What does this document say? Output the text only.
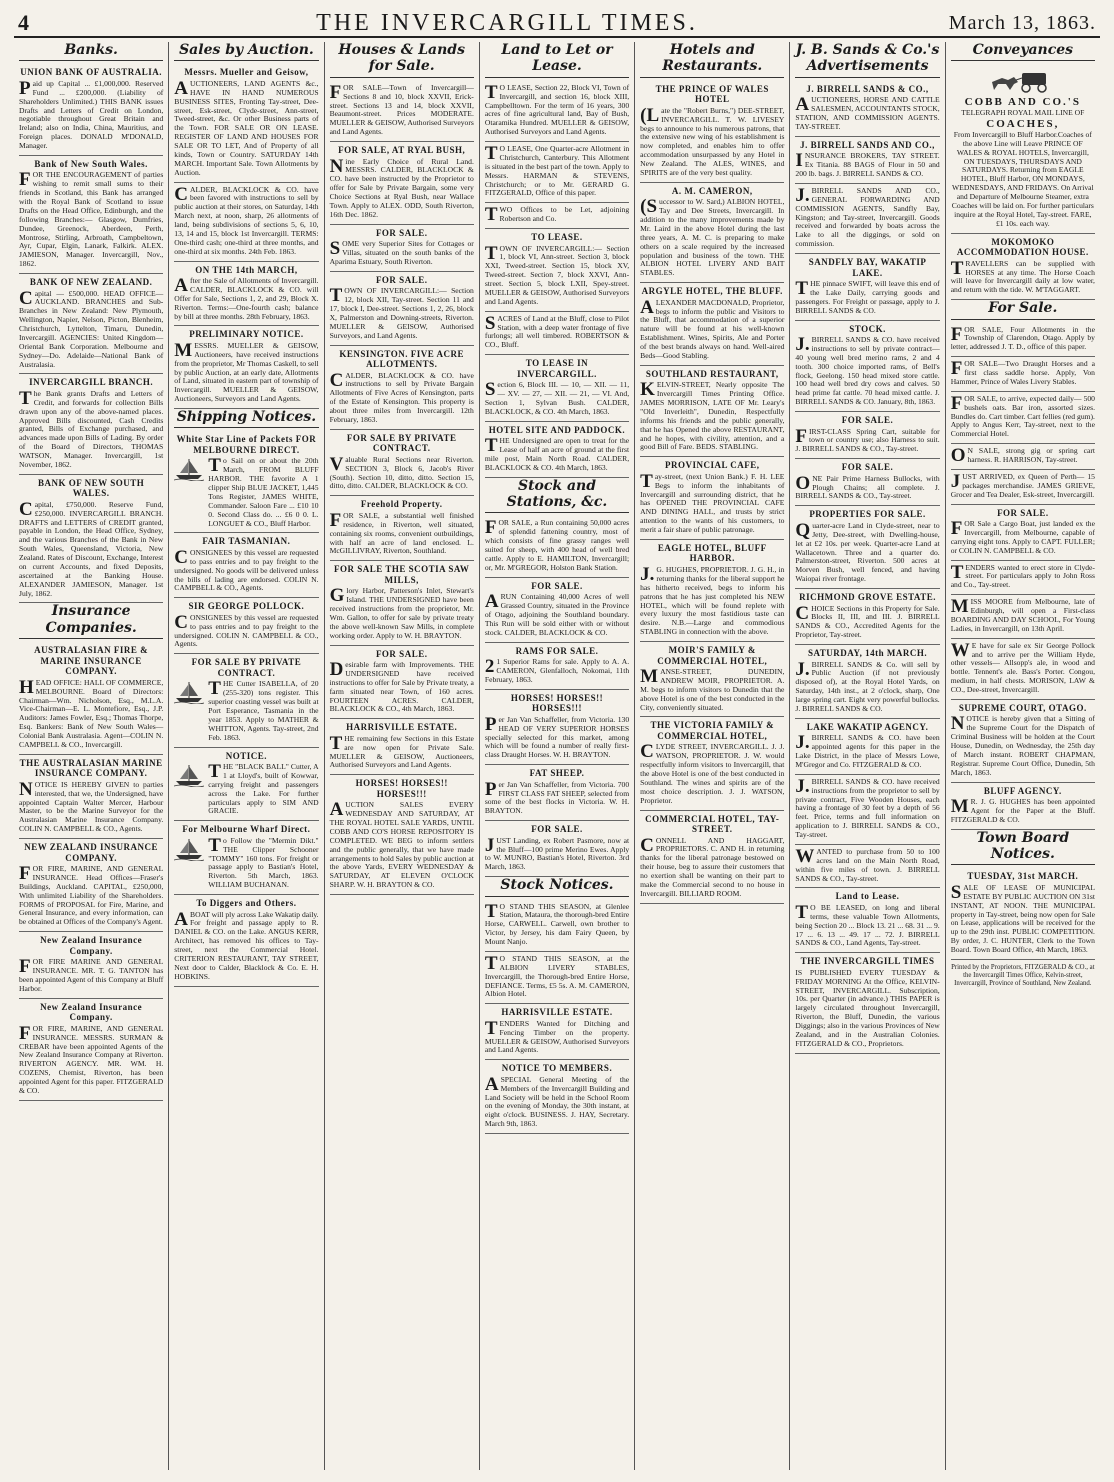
4	THE INVERCARGILL TIMES.	March 13, 1863.
Banks.
UNION BANK OF AUSTRALIA.
Paid up Capital ... £1,000,000. Reserved Fund ... £200,000. (Liability of Shareholders Unlimited.) THIS BANK issues Drafts and Letters of Credit on London, negotiable throughout Great Britain and Ireland; also on India, China, Mauritius, and Foreign places. DONALD M'DONALD, Manager.
Bank of New South Wales.
FOR THE ENCOURAGEMENT of parties wishing to remit small sums to their friends in Scotland, this Bank has arranged with the Royal Bank of Scotland to issue Drafts on the Head Office, Edinburgh, and the following Branches:— Glasgow, Dumfries, Dundee, Greenock, Aberdeen, Perth, Montrose, Stirling, Arbroath, Campbeltown, Ayr, Cupar, Elgin, Lanark, Falkirk. ALEX. JAMIESON, Manager. Invercargill, Nov., 1862.
BANK OF NEW ZEALAND.
Capital — £500,000. HEAD OFFICE—AUCKLAND. BRANCHES and Sub-Branches in New Zealand: New Plymouth, Wellington, Napier, Nelson, Picton, Blenheim, Christchurch, Lyttelton, Timaru, Dunedin, Invercargill. AGENCIES: United Kingdom—Oriental Bank Corporation. Melbourne and Sydney—Do. Adelaide—National Bank of Australasia.
INVERCARGILL BRANCH.
The Bank grants Drafts and Letters of Credit, and forwards for collection Bills drawn upon any of the above-named places. Approved Bills discounted, Cash Credits granted, Bills of Exchange purchased, and advances made upon Bills of Lading. By order of the Board of Directors, THOMAS WATSON, Manager. Invercargill, 1st November, 1862.
BANK OF NEW SOUTH WALES.
Capital, £750,000. Reserve Fund, £250,000. INVERCARGILL BRANCH. DRAFTS and LETTERS of CREDIT granted, payable in London, the Head Office, Sydney, and the various Branches of the Bank in New South Wales, Queensland, Victoria, New Zealand. Rates of Discount, Exchange, Interest on current Accounts, and fixed Deposits, ascertained at the Banking House. ALEXANDER JAMIESON, Manager. 1st July, 1862.
Insurance Companies.
AUSTRALASIAN FIRE & MARINE INSURANCE COMPANY.
HEAD OFFICE: HALL OF COMMERCE, MELBOURNE. Board of Directors: Chairman—Wm. Nicholson, Esq., M.L.A. Vice-Chairman—E. L. Montefiore, Esq., J.P. Auditors: James Fowler, Esq.; Thomas Thorpe, Esq. Bankers: Bank of New South Wales—Colonial Bank Australasia. Agent—COLIN N. CAMPBELL & CO., Invercargill.
THE AUSTRALASIAN MARINE INSURANCE COMPANY.
NOTICE IS HEREBY GIVEN to parties interested, that we, the Undersigned, have appointed Captain Walter Mercer, Harbour Master, to be the Marine Surveyor for the Australasian Marine Insurance Company. COLIN N. CAMPBELL & CO., Agents.
NEW ZEALAND INSURANCE COMPANY.
FOR FIRE, MARINE, AND GENERAL INSURANCE. Head Offices—Fraser's Buildings, Auckland. CAPITAL, £250,000, With unlimited Liability of the Shareholders. FORMS of PROPOSAL for Fire, Marine, and General Insurance, and every information, can be obtained at Offices of the Company's Agent.
New Zealand Insurance Company.
FOR FIRE MARINE AND GENERAL INSURANCE. MR. T. G. TANTON has been appointed Agent of this Company at Bluff Harbor.
New Zealand Insurance Company.
FOR FIRE, MARINE, AND GENERAL INSURANCE. MESSRS. SURMAN & CREBAR have been appointed Agents of the New Zealand Insurance Company at Riverton. RIVERTON AGENCY. MR. WM. H. COZENS, Chemist, Riverton, has been appointed Agent for this paper. FITZGERALD & CO.
Sales by Auction.
Messrs. Mueller and Geisow,
AUCTIONEERS, LAND AGENTS &c., HAVE IN HAND NUMEROUS BUSINESS SITES, Fronting Tay-street, Dee-street, Esk-street, Clyde-street, Ann-street, Tweed-street, &c. Or other Business parts of the Town. FOR SALE OR ON LEASE. REGISTER OF LAND AND HOUSES FOR SALE OR TO LET, And of Property of all kinds, Town or Country. SATURDAY 14th MARCH. Important Sale. Town Allotments by Auction.
CALDER, BLACKLOCK & CO. have been favored with instructions to sell by public auction at their stores, on Saturday, 14th March next, at noon, sharp, 26 allotments of land, being subdivisions of sections 5, 6, 10, 13, 14 and 15, block 1st Invercargill. TERMS: One-third cash; one-third at three months, and one-third at six months. 24th Feb. 1863.
ON THE 14th MARCH,
After the Sale of Allotments of Invercargill. CALDER, BLACKLOCK & CO. will Offer for Sale, Sections 1, 2, and 29, Block X. Riverton. Terms:—One-fourth cash; balance by bill at three months. 28th February, 1863.
PRELIMINARY NOTICE.
MESSRS. MUELLER & GEISOW, Auctioneers, have received instructions from the proprietor, Mr Thomas Caskell, to sell by public Auction, at an early date, Allotments of Land, situated in eastern part of township of Invercargill. MUELLER & GEISOW, Auctioneers, Surveyors and Land Agents.
Shipping Notices.
White Star Line of Packets FOR MELBOURNE DIRECT.
To Sail on or about the 20th March, FROM BLUFF HARBOR. THE favorite A 1 clipper Ship BLUE JACKET, 1,445 Tons Register, JAMES WHITE, Commander. Saloon Fare ... £10 10 0. Second Class do. ... £6 0 0. L. LONGUET & CO., Bluff Harbor.
FAIR TASMANIAN.
CONSIGNEES by this vessel are requested to pass entries and to pay freight to the undersigned. No goods will be delivered unless the bills of lading are endorsed. COLIN N. CAMPBELL & CO., Agents.
SIR GEORGE POLLOCK.
CONSIGNEES by this vessel are requested to pass entries and to pay freight to the undersigned. COLIN N. CAMPBELL & CO., Agents.
FOR SALE BY PRIVATE CONTRACT.
THE Cutter ISABELLA, of 20 (255-320) tons register. This superior coasting vessel was built at Port Esperance, Tasmania in the year 1853. Apply to MATHER & WHITTON, Agents. Tay-street, 2nd Feb. 1863.
NOTICE.
THE "BLACK BALL" Cutter, A 1 at Lloyd's, built of Kowwar, carrying freight and passengers across the Lake. For further particulars apply to SIM AND GRACIE.
For Melbourne Wharf Direct.
To Follow the "Mermin Dikt." THE Clipper Schooner "TOMMY" 160 tons. For freight or passage apply to Bastian's Hotel, Riverton. 5th March, 1863. WILLIAM BUCHANAN.
To Diggers and Others.
ABOAT will ply across Lake Wakatip daily. For freight and passage apply to R. DANIEL & CO. on the Lake. ANGUS KERR, Architect, has removed his offices to Tay-street, next the Commercial Hotel. CRITERION RESTAURANT, TAY STREET, Next door to Calder, Blacklock & Co. E. H. HOBKINS.
Houses & Lands for Sale.
FOR SALE—Town of Invercargill—Sections 8 and 10, block XXVII, Erick-street. Sections 13 and 14, block XXVII, Beaumont-street. Prices MODERATE. MUELLER & GEISOW, Authorised Surveyors and Land Agents.
FOR SALE, AT RYAL BUSH,
Nine Early Choice of Rural Land. MESSRS. CALDER, BLACKLOCK & CO. have been instructed by the Proprietor to offer for Sale by Private Bargain, some very Choice Sections at Ryal Bush, near Wallace Town. Apply to ALEX. ODD, South Riverton, 16th Dec. 1862.
FOR SALE.
SOME very Superior Sites for Cottages or Villas, situated on the south banks of the Aparima Estuary, South Riverton.
FOR SALE.
TOWN OF INVERCARGILL:— Section 12, block XII, Tay-street. Section 11 and 17, block I, Dee-street. Sections 1, 2, 26, block X, Palmerston and Downing-streets, Riverton. MUELLER & GEISOW, Authorised Surveyors, and Land Agents.
KENSINGTON. FIVE ACRE ALLOTMENTS.
CALDER, BLACKLOCK & CO. have instructions to sell by Private Bargain Allotments of Five Acres of Kensington, parts of the Estate of Kensington. This property is about three miles from Invercargill. 12th February, 1863.
FOR SALE BY PRIVATE CONTRACT.
Valuable Rural Sections near Riverton. SECTION 3, Block 6, Jacob's River (South). Section 10, ditto, ditto. Section 15, ditto, ditto. CALDER, BLACKLOCK & CO.
Freehold Property.
FOR SALE, a substantial well finished residence, in Riverton, well situated, containing six rooms, convenient outbuildings, with half an acre of land enclosed. L. McGILLIVRAY, Riverton, Southland.
FOR SALE THE SCOTIA SAW MILLS,
Glory Harbor, Patterson's Inlet, Stewart's Island. THE UNDERSIGNED have been received instructions from the proprietor, Mr. Wm. Gallon, to offer for sale by private treaty the above well-known Saw Mills, in complete working order. Apply to W. H. BRAYTON.
FOR SALE.
Desirable farm with Improvements. THE UNDERSIGNED have received instructions to offer for Sale by Private treaty, a farm situated near Town, of 160 acres. FOURTEEN ACRES. CALDER, BLACKLOCK & CO., 4th March, 1863.
HARRISVILLE ESTATE.
THE remaining few Sections in this Estate are now open for Private Sale. MUELLER & GEISOW, Auctioneers, Authorised Surveyors and Land Agents.
HORSES! HORSES!! HORSES!!!
AUCTION SALES EVERY WEDNESDAY AND SATURDAY, AT THE ROYAL HOTEL SALE YARDS, UNTIL COBB AND CO'S HORSE REPOSITORY IS COMPLETED. WE BEG to inform settlers and the public generally, that we have made arrangements to hold Sales by public auction at the above Yards, EVERY WEDNESDAY & SATURDAY, AT ELEVEN O'CLOCK SHARP. W. H. BRAYTON & CO.
Land to Let or Lease.
TO LEASE, Section 22, Block VI, Town of Invercargill, and section 16, block XIII, Campbelltown. For the term of 16 years, 300 acres of fine agricultural land, Bay of Bush, Otaramika Hundred. MUELLER & GEISOW, Authorised Surveyors and Land Agents.
TO LEASE, One Quarter-acre Allotment in Christchurch, Canterbury. This Allotment is situated in the best part of the town. Apply to Messrs. HARMAN & STEVENS, Christchurch; or to Mr. GERARD G. FITZGERALD, Office of this paper.
TWO Offices to be Let, adjoining Robertson and Co.
TO LEASE.
TOWN OF INVERCARGILL:— Section 1, block VI, Ann-street. Section 3, block XXI, Tweed-street. Section 15, block XV, Tweed-street. Section 7, block XXVI, Ann-street. Section 5, block LXII, Spey-street. MUELLER & GEISOW, Authorised Surveyors and Land Agents.
SACRES of Land at the Bluff, close to Pilot Station, with a deep water frontage of five furlongs; all well timbered. ROBERTSON & CO., Bluff.
TO LEASE IN INVERCARGILL.
Section 6, Block III. — 10, — XII. — 11, — XV. — 27, — XII. — 21, — VI. And, Section 1, Sylvan Bush. CALDER, BLACKLOCK, & CO. 4th March, 1863.
HOTEL SITE AND PADDOCK.
THE Undersigned are open to treat for the Lease of half an acre of ground at the first mile post, Main North Road. CALDER, BLACKLOCK & CO. 4th March, 1863.
Stock and Stations, &c.
FOR SALE, a Run containing 50,000 acres of splendid fattening country, most of which consists of fine grassy ranges well suited for sheep, with 400 head of well bred cattle. Apply to E. HAMILTON, Invercargill; or, Mr. M'GREGOR, Holston Bank Station.
FOR SALE.
ARUN Containing 40,000 Acres of well Grassed Country, situated in the Province of Otago, adjoining the Southland boundary. This Run will be sold either with or without stock. CALDER, BLACKLOCK & CO.
RAMS FOR SALE.
21 Superior Rams for sale. Apply to A. A. CAMERON, Glenfalloch, Nokomai, 11th February, 1863.
HORSES! HORSES!! HORSES!!!
Per Jan Van Schaffeller, from Victoria. 130 HEAD OF VERY SUPERIOR HORSES specially selected for this market, among which will be found a number of really first-class Draught Horses. W. H. BRAYTON.
FAT SHEEP.
Per Jan Van Schaffeller, from Victoria. 700 FIRST CLASS FAT SHEEP, selected from some of the best flocks in Victoria. W. H. BRAYTON.
FOR SALE.
JUST Landing, ex Robert Pasmore, now at the Bluff—100 prime Merino Ewes. Apply to W. MUNRO, Bastian's Hotel, Riverton. 3rd March, 1863.
Stock Notices.
TO STAND THIS SEASON, at Glenlee Station, Mataura, the thorough-bred Entire Horse, CARWELL. Carwell, own brother to Victor, by Jersey, his dam Fairy Queen, by Mount Nanjo.
TO STAND THIS SEASON, at the ALBION LIVERY STABLES, Invercargill, the Thorough-bred Entire Horse, DEFIANCE. Terms, £5 5s. A. M. CAMERON, Albion Hotel.
HARRISVILLE ESTATE.
TENDERS Wanted for Ditching and Fencing Timber on the property. MUELLER & GEISOW, Authorised Surveyors and Land Agents.
NOTICE TO MEMBERS.
ASPECIAL General Meeting of the Members of the Invercargill Building and Land Society will be held in the School Room on the evening of Monday, the 30th instant, at eight o'clock. BUSINESS. J. HAY, Secretary. March 9th, 1863.
Hotels and Restaurants.
THE PRINCE OF WALES HOTEL
(Late the "Robert Burns,") DEE-STREET, INVERCARGILL. T. W. LIVESEY begs to announce to his numerous patrons, that the extensive new wing of his establishment is now completed, and enables him to offer accommodation unsurpassed by any Hotel in New Zealand. The ALES, WINES, and SPIRITS are of the very best quality.
A. M. CAMERON,
(Successor to W. Sard,) ALBION HOTEL, Tay and Dee Streets, Invercargill. In addition to the many improvements made by Mr. Laird in the above Hotel during the last three years, A. M. C. is preparing to make others on a scale required by the increased population and business of the town. THE ALBION HOTEL LIVERY AND BAIT STABLES.
ARGYLE HOTEL, THE BLUFF.
ALEXANDER MACDONALD, Proprietor, begs to inform the public and Visitors to the Bluff, that accommodation of a superior nature will be found at his well-known Establishment. Wines, Spirits, Ale and Porter of the best brands always on hand. Well-aired Beds—Good Stabling.
SOUTHLAND RESTAURANT,
KELVIN-STREET, Nearly opposite The Invercargill Times Printing Office. JAMES MORRISON, LATE OF Mr. Leary's "Old Inverleith", Dunedin, Respectfully informs his friends and the public generally, that he has Opened the above RESTAURANT, and he hopes, with civility, attention, and a good Bill of Fare. BEDS. STABLING.
PROVINCIAL CAFE,
Tay-street, (next Union Bank.) F. H. LEE Begs to inform the inhabitants of Invercargill and surrounding district, that he has OPENED THE PROVINCIAL CAFE AND DINING HALL, and trusts by strict attention to the wants of his customers, to merit a fair share of public patronage.
EAGLE HOTEL, BLUFF HARBOR.
J.G. HUGHES, PROPRIETOR. J. G. H., in returning thanks for the liberal support he has hitherto received, begs to inform his patrons that he has just completed his NEW HOTEL, which will be found replete with every luxury the most fastidious taste can desire. N.B.—Large and commodious STABLING in connection with the above.
MOIR'S FAMILY & COMMERCIAL HOTEL,
MANSE-STREET, DUNEDIN, ANDREW MOIR, PROPRIETOR. A. M. begs to inform visitors to Dunedin that the above Hotel is one of the best conducted in the City, conveniently situated.
THE VICTORIA FAMILY & COMMERCIAL HOTEL,
CLYDE STREET, INVERCARGILL. J. J. WATSON, PROPRIETOR. J. W. would respectfully inform visitors to Invercargill, that the above Hotel is one of the best conducted in Southland. The wines and spirits are of the most choice description. J. J. WATSON, Proprietor.
COMMERCIAL HOTEL, TAY-STREET.
CONNELL AND HAGGART, PROPRIETORS. C. AND H. in returning thanks for the liberal patronage bestowed on their house, beg to assure their customers that no exertion shall be wanting on their part to make the Commercial second to no house in Invercargill. BILLIARD ROOM.
J. B. Sands & Co.'s Advertisements
J. BIRRELL SANDS & CO.,
AUCTIONEERS, HORSE AND CATTLE SALESMEN, ACCOUNTANTS STOCK, STATION, AND COMMISSION AGENTS. TAY-STREET.
J. BIRRELL SANDS AND CO.,
INSURANCE BROKERS, TAY STREET. Ex Titania. 88 BAGS of Flour in 50 and 200 lb. bags. J. BIRRELL SANDS & CO.
J.BIRRELL SANDS AND CO., GENERAL FORWARDING AND COMMISSION AGENTS, Sandfly Bay, Kingston; and Tay-street, Invercargill. Goods received and forwarded by boats across the Lake to all the diggings, or sold on commission.
SANDFLY BAY, WAKATIP LAKE.
THE pinnace SWIFT, will leave this end of the Lake Daily, carrying goods and passengers. For Freight or passage, apply to J. BIRRELL SANDS & CO.
STOCK.
J.BIRRELL SANDS & CO. have received instructions to sell by private contract— 40 young well bred merino rams, 2 and 4 tooth. 300 choice imported rams, of Bell's flock, Geelong. 150 head mixed store cattle. 100 head well bred dry cows and calves. 50 head prime fat cattle. 70 head mixed cattle. J. BIRRELL SANDS & CO. January, 8th, 1863.
FOR SALE.
FIRST-CLASS Spring Cart, suitable for town or country use; also Harness to suit. J. BIRRELL SANDS & CO., Tay-street.
FOR SALE.
ONE Pair Prime Harness Bullocks, with Plough Chains; all complete. J. BIRRELL SANDS & CO., Tay-street.
PROPERTIES FOR SALE.
Quarter-acre Land in Clyde-street, near to Jetty, Dee-street, with Dwelling-house, let at £2 10s. per week. Quarter-acre Land at Wallacetown. Three and a quarter do. Palmerston-street, Riverton. 500 acres at Morven Bush, well fenced, and having Waiopai river frontage.
RICHMOND GROVE ESTATE.
CHOICE Sections in this Property for Sale. Blocks II, III, and III. J. BIRRELL SANDS & CO., Accredited Agents for the Proprietor, Tay-street.
SATURDAY, 14th MARCH.
J.BIRRELL SANDS & Co. will sell by Public Auction (if not previously disposed of), at the Royal Hotel Yards, on Saturday, 14th inst., at 2 o'clock, sharp, One large spring cart. Eight very powerful bullocks. J. BIRRELL SANDS & CO.
LAKE WAKATIP AGENCY.
J.BIRRELL SANDS & CO. have been appointed agents for this paper in the Lake District, in the place of Messrs Lowe, M'Gregor and Co. FITZGERALD & CO.
J.BIRRELL SANDS & CO. have received instructions from the proprietor to sell by private contract, Five Wooden Houses, each having a frontage of 30 feet by a depth of 56 feet. Price, terms and full information on application to J. BIRRELL SANDS & CO., Tay-street.
WANTED to purchase from 50 to 100 acres land on the Main North Road, within five miles of town. J. BIRRELL SANDS & CO., Tay-street.
Land to Lease.
TO BE LEASED, on long and liberal terms, these valuable Town Allotments, being Section 20 ... Block 13. 21 ... 68. 31 ... 9. 17 ... 6. 13 ... 49. 17 ... 72. J. BIRRELL SANDS & CO., Land Agents, Tay-street.
THE INVERCARGILL TIMES
IS PUBLISHED EVERY TUESDAY & FRIDAY MORNING At the Office, KELVIN-STREET, INVERCARGILL. Subscription, 10s. per Quarter (in advance.) THIS PAPER is largely circulated throughout Invercargill, Riverton, the Bluff, Dunedin, the various Diggings; also in the various Provinces of New Zealand, and in the Australian Colonies. FITZGERALD & CO., Proprietors.
Conveyances
COBB AND CO.'S
TELEGRAPH ROYAL MAIL LINE OF
COACHES,
From Invercargill to Bluff Harbor.Coaches of the above Line will Leave PRINCE OF WALES & ROYAL HOTELS, Invercargill, ON TUESDAYS, THURSDAYS AND SATURDAYS. Returning from EAGLE HOTEL, Bluff Harbor, ON MONDAYS, WEDNESDAYS, AND FRIDAYS. On Arrival and Departure of Melbourne Steamer, extra Coaches will be laid on. For further particulars inquire at the Royal Hotel, Tay-street. FARE, £1 10s. each way.
MOKOMOKO ACCOMMODATION HOUSE.
TRAVELLERS can be supplied with HORSES at any time. The Horse Coach will leave for Invercargill daily at low water, and return with the tide. W. M'TAGGART.
For Sale.
FOR SALE, Four Allotments in the Township of Clarendon, Otago. Apply by letter, addressed J. T. D., office of this paper.
FOR SALE—Two Draught Horses and a first class saddle horse. Apply, Von Hammer, Prince of Wales Livery Stables.
FOR SALE, to arrive, expected daily— 500 bushels oats. Bar iron, assorted sizes. Bundles do. Cart timber. Cart fellies (red gum). Apply to Angus Kerr, Tay-street, next to the Commercial Hotel.
ON SALE, strong gig or spring cart harness. R. HARRISON, Tay-street.
JUST ARRIVED, ex Queen of Perth— 15 packages merchandise. JAMES GRIEVE, Grocer and Tea Dealer, Esk-street, Invercargill.
FOR SALE.
FOR Sale a Cargo Boat, just landed ex the Invercargill, from Melbourne, capable of carrying eight tons. Apply to CAPT. FULLER; or COLIN N. CAMPBELL & CO.
TENDERS wanted to erect store in Clyde-street. For particulars apply to John Ross and Co., Tay-street.
MISS MOORE from Melbourne, late of Edinburgh, will open a First-class BOARDING AND DAY SCHOOL, For Young Ladies, in Invercargill, on 13th April.
WE have for sale ex Sir George Pollock and to arrive per the William Hyde, other vessels— Allsopp's ale, in wood and bottle. Tennent's ale. Bass's Porter. Congou, medium, in half chests. MORISON, LAW & CO., Dee-street, Invercargill.
SUPREME COURT, OTAGO.
NOTICE is hereby given that a Sitting of the Supreme Court for the Dispatch of Criminal Business will be holden at the Court House, Dunedin, on Wednesday, the 25th day of March instant. ROBERT CHAPMAN, Registrar. Supreme Court Office, Dunedin, 5th March, 1863.
BLUFF AGENCY.
MR. J. G. HUGHES has been appointed Agent for the Paper at the Bluff. FITZGERALD & CO.
Town Board Notices.
TUESDAY, 31st MARCH.
SALE OF LEASE OF MUNICIPAL ESTATE BY PUBLIC AUCTION ON 31st INSTANT, AT NOON. THE MUNICIPAL property in Tay-street, being now open for Sale on Lease, applications will be received for the up to the 29th inst. PUBLIC COMPETITION. By order, J. C. HUNTER, Clerk to the Town Board. Town Board Office, 4th March, 1863.
Printed by the Proprietors, FITZGERALD & CO., at the Invercargill Times Office, Kelvin-street, Invercargill, Province of Southland, New Zealand.
